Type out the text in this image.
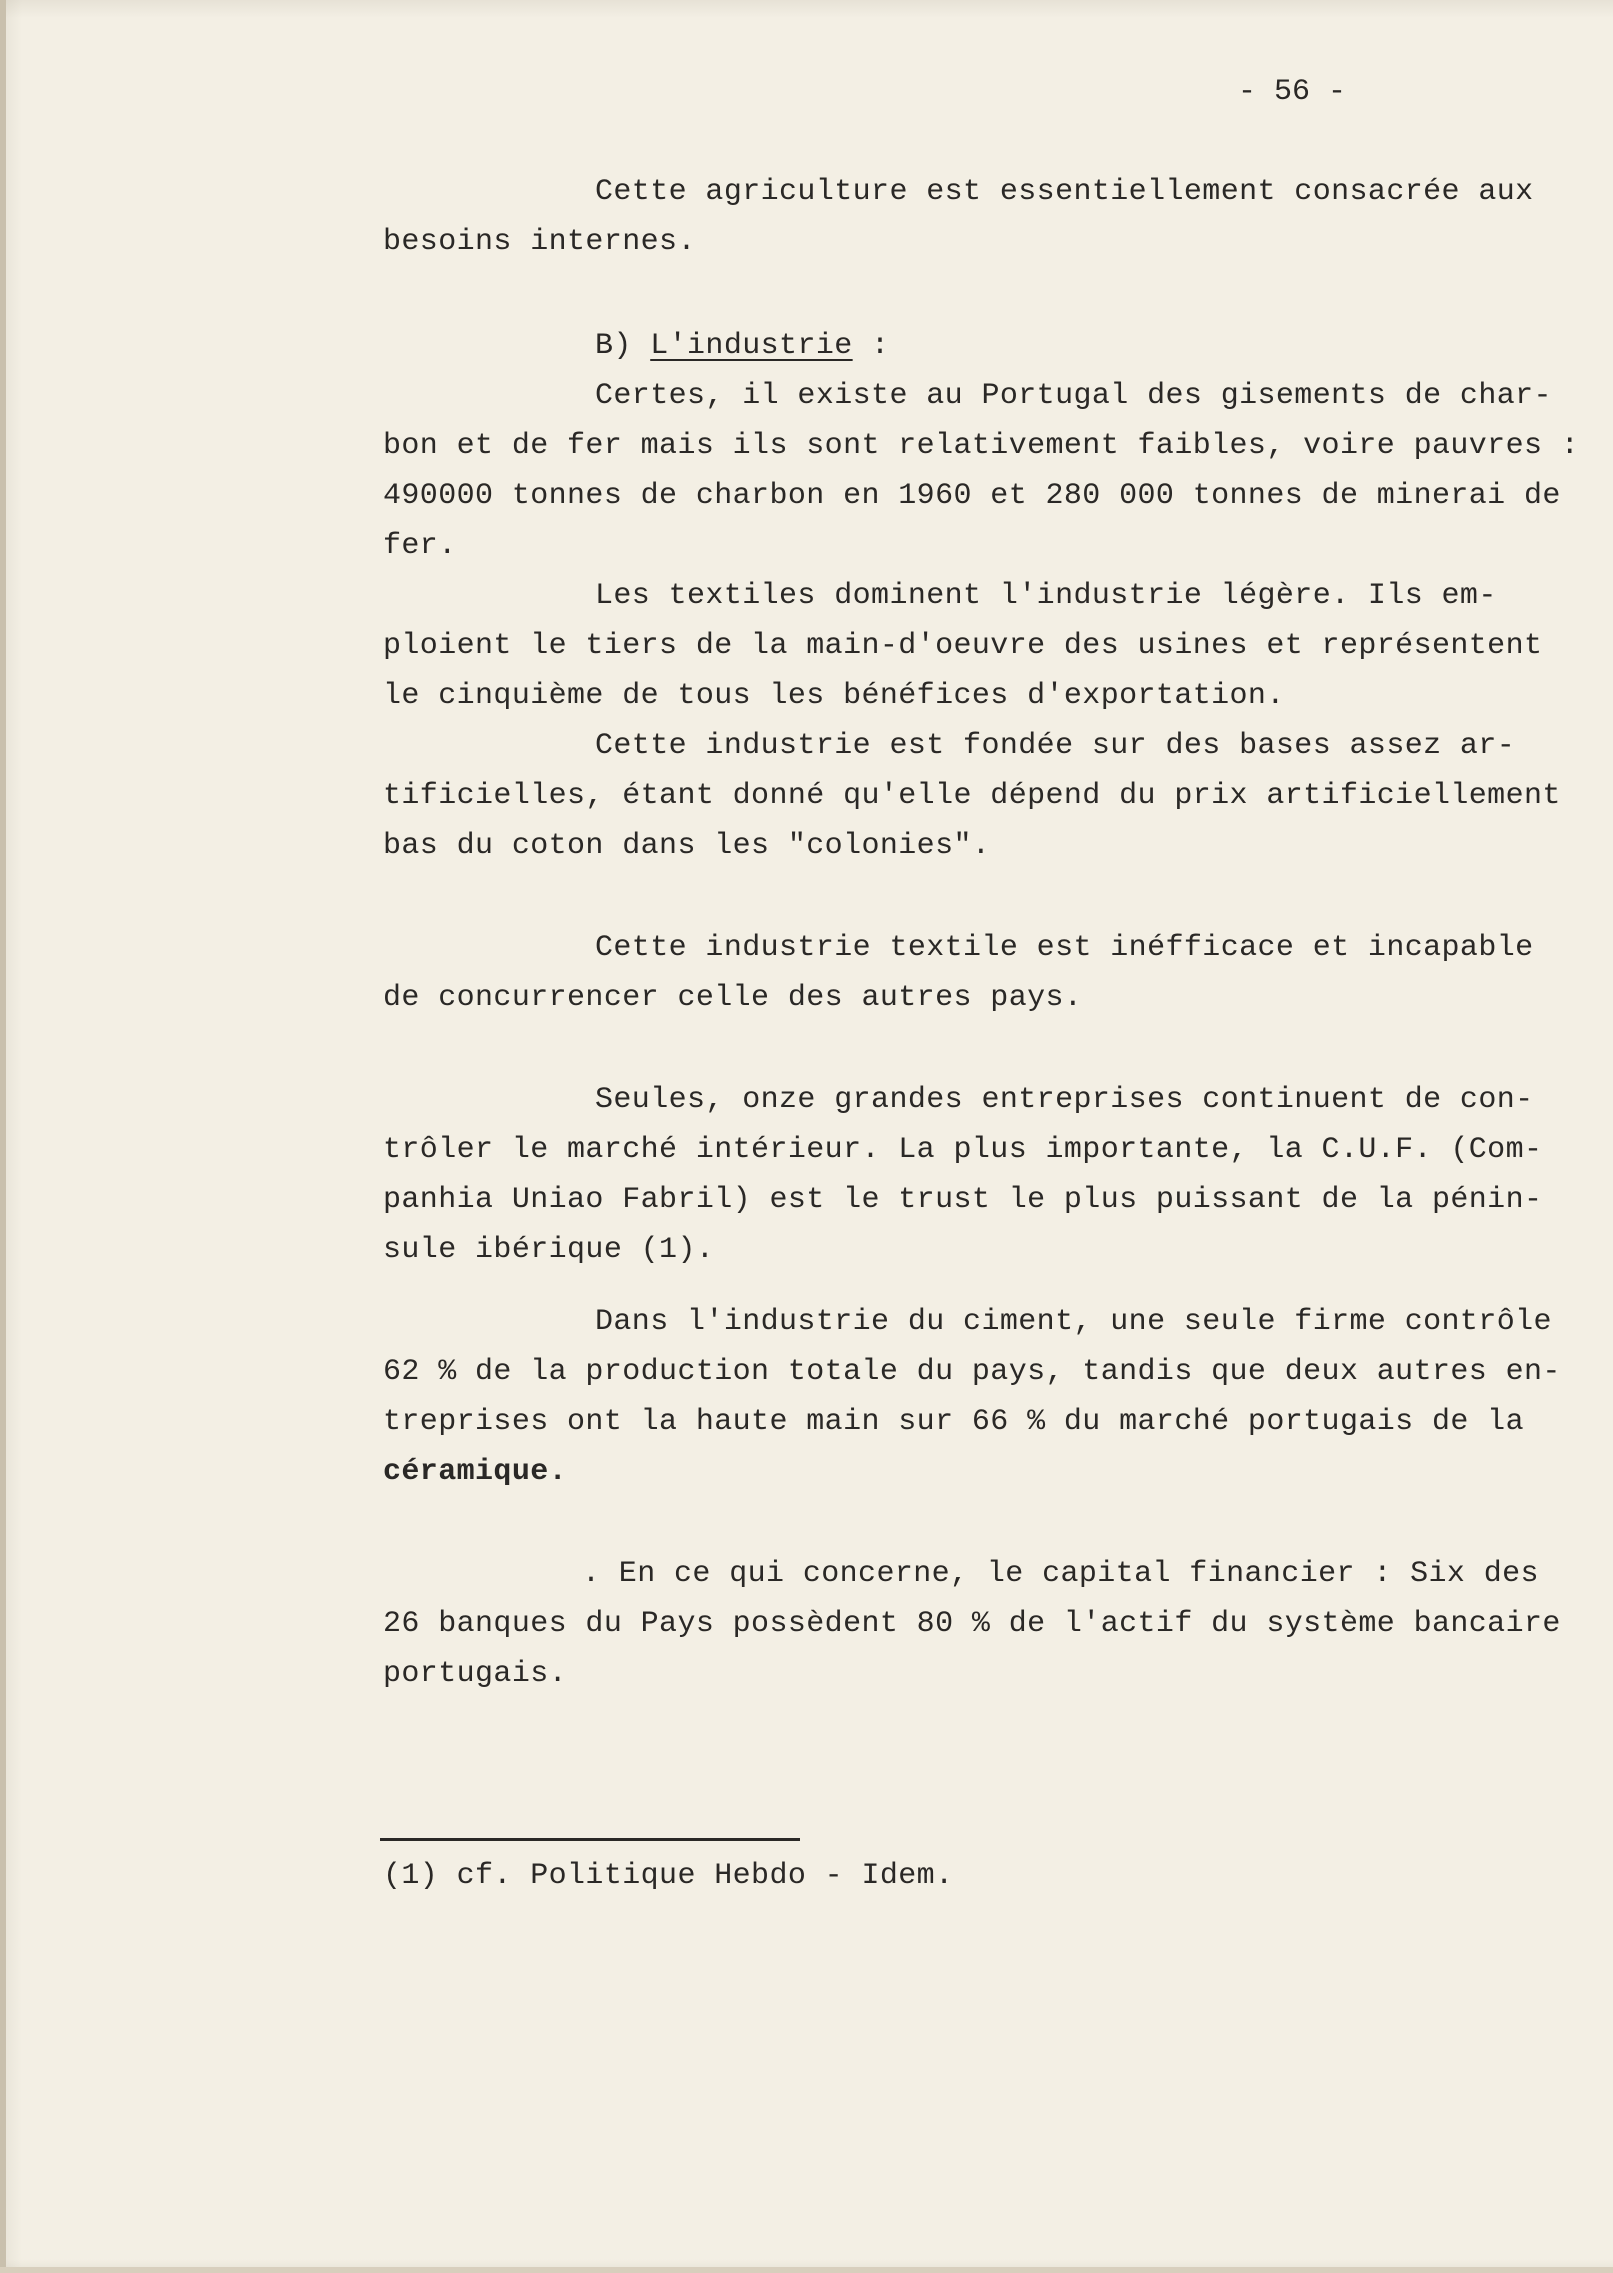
- 56 -
Cette agriculture est essentiellement consacrée aux
besoins internes.
B) L'industrie :
Certes, il existe au Portugal des gisements de char-
bon et de fer mais ils sont relativement faibles, voire pauvres :
490000 tonnes de charbon en 1960 et 280 000 tonnes de minerai de
fer.
Les textiles dominent l'industrie légère. Ils em-
ploient le tiers de la main-d'oeuvre des usines et représentent
le cinquième de tous les bénéfices d'exportation.
Cette industrie est fondée sur des bases assez ar-
tificielles, étant donné qu'elle dépend du prix artificiellement
bas du coton dans les "colonies".
Cette industrie textile est inéfficace et incapable
de concurrencer celle des autres pays.
Seules, onze grandes entreprises continuent de con-
trôler le marché intérieur. La plus importante, la C.U.F. (Com-
panhia Uniao Fabril) est le trust le plus puissant de la pénin-
sule ibérique (1).
Dans l'industrie du ciment, une seule firme contrôle
62 % de la production totale du pays, tandis que deux autres en-
treprises ont la haute main sur 66 % du marché portugais de la
céramique.
. En ce qui concerne, le capital financier : Six des
26 banques du Pays possèdent 80 % de l'actif du système bancaire
portugais.
(1) cf. Politique Hebdo - Idem.
